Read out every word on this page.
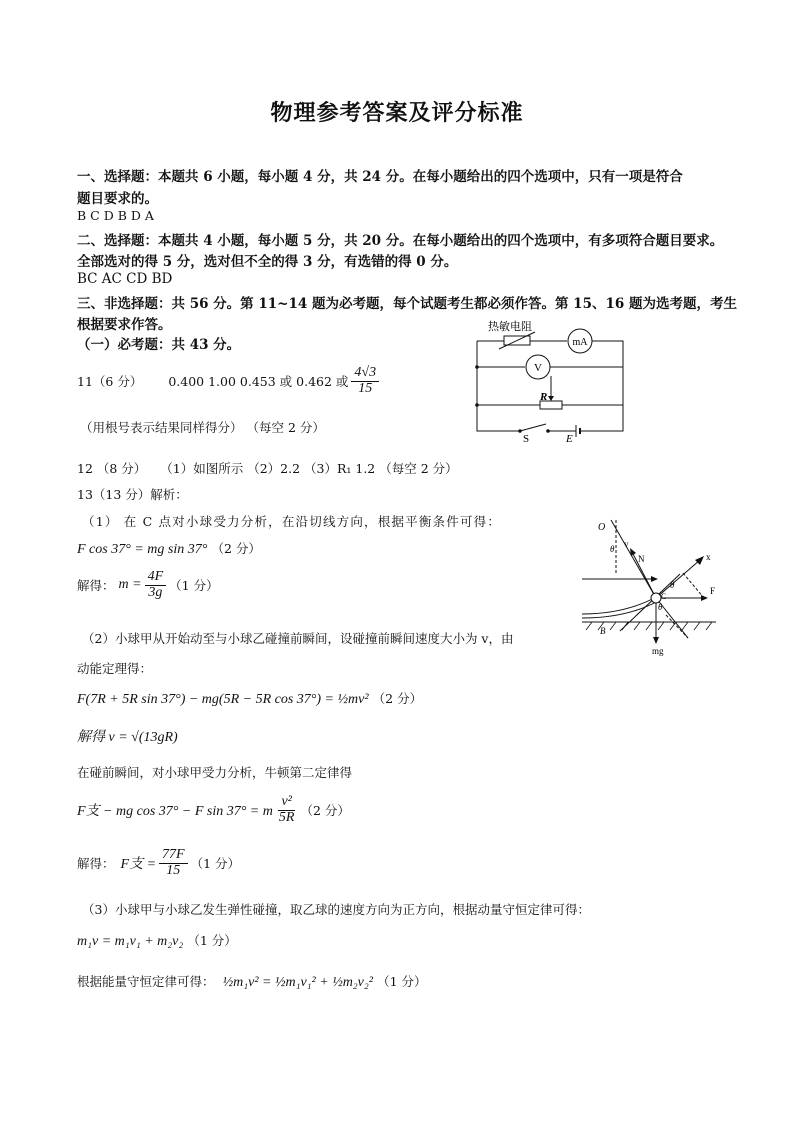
物理参考答案及评分标准
一、选择题：本题共 6 小题，每小题 4 分，共 24 分。在每小题给出的四个选项中，只有一项是符合
题目要求的。
B C D B D A
二、选择题：本题共 4 小题，每小题 5 分，共 20 分。在每小题给出的四个选项中，有多项符合题目要求。
全部选对的得 5 分，选对但不全的得 3 分，有选错的得 0 分。
BC AC CD BD
三、非选择题：共 56 分。第 11~14 题为必考题，每个试题考生都必须作答。第 15、16 题为选考题，考生
根据要求作答。
（一）必考题：共 43 分。
11（6 分） 0.400 1.00 0.453 或 0.462 或 $\frac{4√3}{15}$
（用根号表示结果同样得分） （每空 2 分）
热敏电阻
mA
V
R
S	E
12 （8 分） （1）如图所示 （2）2.2 （3）R₁ 1.2 （每空 2 分）
13（13 分）解析：
（1） 在 C 点对小球受力分析，在沿切线方向，根据平衡条件可得：
F cos 37° = mg sin 37° （2 分）
解得： $m = \frac{4F}{3g} (1$ 分）
（2）小球甲从开始动至与小球乙碰撞前瞬间，设碰撞前瞬间速度大小为 v，由
动能定理得：
F(7R + 5R sin 37°) − mg(5R − 5R cos 37°) = ½mv² （2 分）
解得 v = √(13gR)
在碰前瞬间，对小球甲受力分析，牛顿第二定律得
F支 − mg cos 37° − F sin 37° = m $\frac{\text{v²}}{5R} (2$ 分）
解得： F支 = $\frac{77F}{15} (1$ 分）
（3）小球甲与小球乙发生弹性碰撞，取乙球的速度方向为正方向，根据动量守恒定律可得：
m₁v = m₁v₁ + m₂v₂ （1 分）
根据能量守恒定律可得： ½m₁v² = ½m₁v₁² + ½m₂v₂² （1 分）
O
θ v
N	x
θ
F
C
θ
B
mg
